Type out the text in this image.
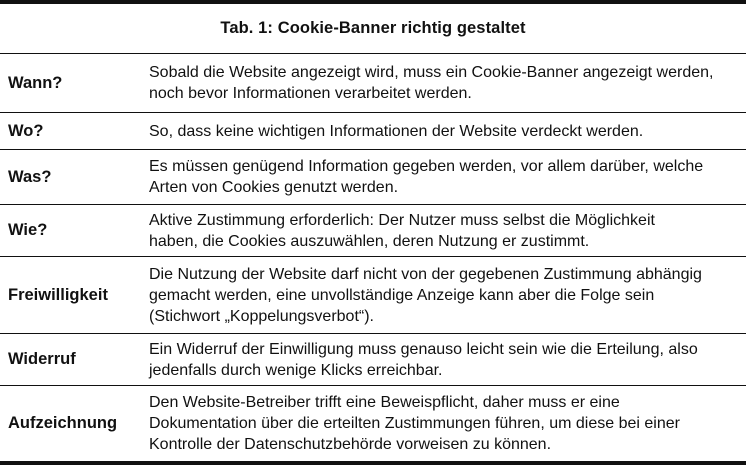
Tab. 1: Cookie-Banner richtig gestaltet
Wann?
Sobald die Website angezeigt wird, muss ein Cookie-Banner angezeigt werden,
noch bevor Informationen verarbeitet werden.
Wo?	So, dass keine wichtigen Informationen der Website verdeckt werden.
Was?
Es müssen genügend Information gegeben werden, vor allem darüber, welche
Arten von Cookies genutzt werden.
Wie?
Aktive Zustimmung erforderlich: Der Nutzer muss selbst die Möglichkeit
haben, die Cookies auszuwählen, deren Nutzung er zustimmt.
Freiwilligkeit
Die Nutzung der Website darf nicht von der gegebenen Zustimmung abhängig
gemacht werden, eine unvollständige Anzeige kann aber die Folge sein
(Stichwort „Koppelungsverbot“).
Widerruf
Ein Widerruf der Einwilligung muss genauso leicht sein wie die Erteilung, also
jedenfalls durch wenige Klicks erreichbar.
Aufzeichnung
Den Website-Betreiber trifft eine Beweispflicht, daher muss er eine
Dokumentation über die erteilten Zustimmungen führen, um diese bei einer
Kontrolle der Datenschutzbehörde vorweisen zu können.
